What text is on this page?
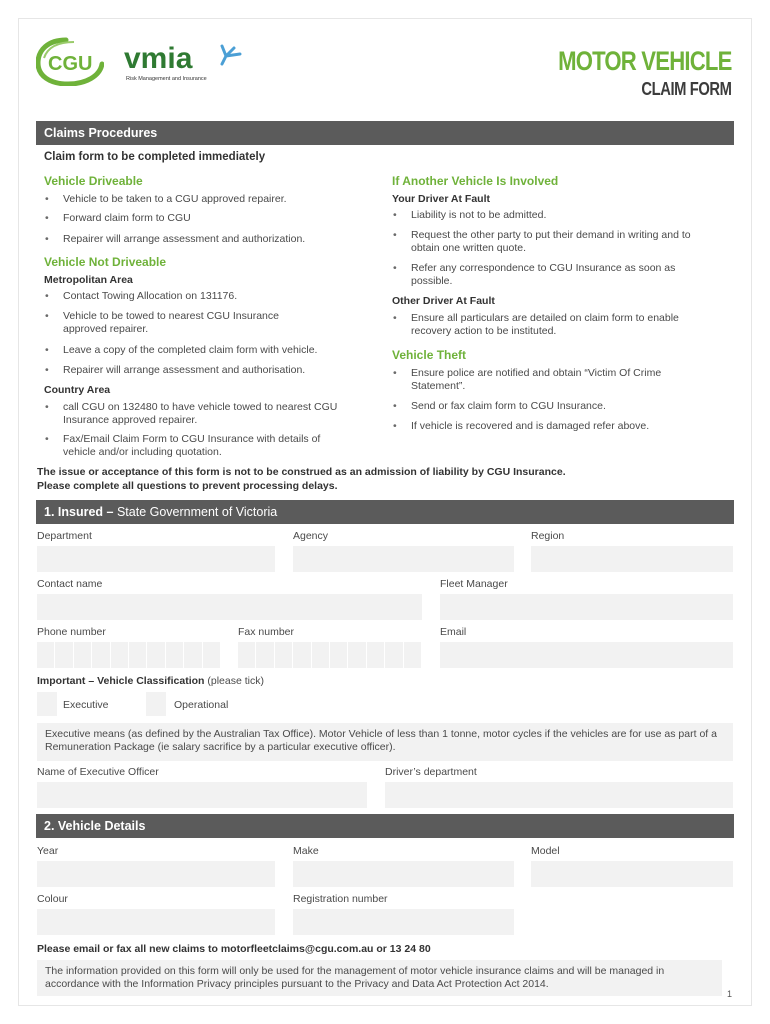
CGU vmia
Risk Management and Insurance
MOTOR VEHICLE
CLAIM FORM
Claims Procedures
Claim form to be completed immediately
Vehicle Driveable
• Vehicle to be taken to a CGU approved repairer.
• Forward claim form to CGU
• Repairer will arrange assessment and authorization.
Vehicle Not Driveable
Metropolitan Area
• Contact Towing Allocation on 131176.
• Vehicle to be towed to nearest CGU Insurance approved repairer.
• Leave a copy of the completed claim form with vehicle.
• Repairer will arrange assessment and authorisation.
Country Area
• call CGU on 132480 to have vehicle towed to nearest CGU Insurance approved repairer.
• Fax/Email Claim Form to CGU Insurance with details of vehicle and/or including quotation.
If Another Vehicle Is Involved
Your Driver At Fault
• Liability is not to be admitted.
• Request the other party to put their demand in writing and to obtain one written quote.
• Refer any correspondence to CGU Insurance as soon as possible.
Other Driver At Fault
• Ensure all particulars are detailed on claim form to enable recovery action to be instituted.
Vehicle Theft
• Ensure police are notified and obtain “Victim Of Crime Statement”.
• Send or fax claim form to CGU Insurance.
• If vehicle is recovered and is damaged refer above.
The issue or acceptance of this form is not to be construed as an admission of liability by CGU Insurance.
Please complete all questions to prevent processing delays.
1. Insured – State Government of Victoria
Department	Agency	Region
Contact name	Fleet Manager
Phone number	Fax number	Email
Important – Vehicle Classification (please tick)
Executive	Operational
Executive means (as defined by the Australian Tax Office). Motor Vehicle of less than 1 tonne, motor cycles if the vehicles are for use as part of a Remuneration Package (ie salary sacrifice by a particular executive officer).
Name of Executive Officer	Driver’s department
2. Vehicle Details
Year	Make	Model
Colour	Registration number
Please email or fax all new claims to motorfleetclaims@cgu.com.au or 13 24 80
The information provided on this form will only be used for the management of motor vehicle insurance claims and will be managed in accordance with the Information Privacy principles pursuant to the Privacy and Data Act Protection Act 2014.
1
